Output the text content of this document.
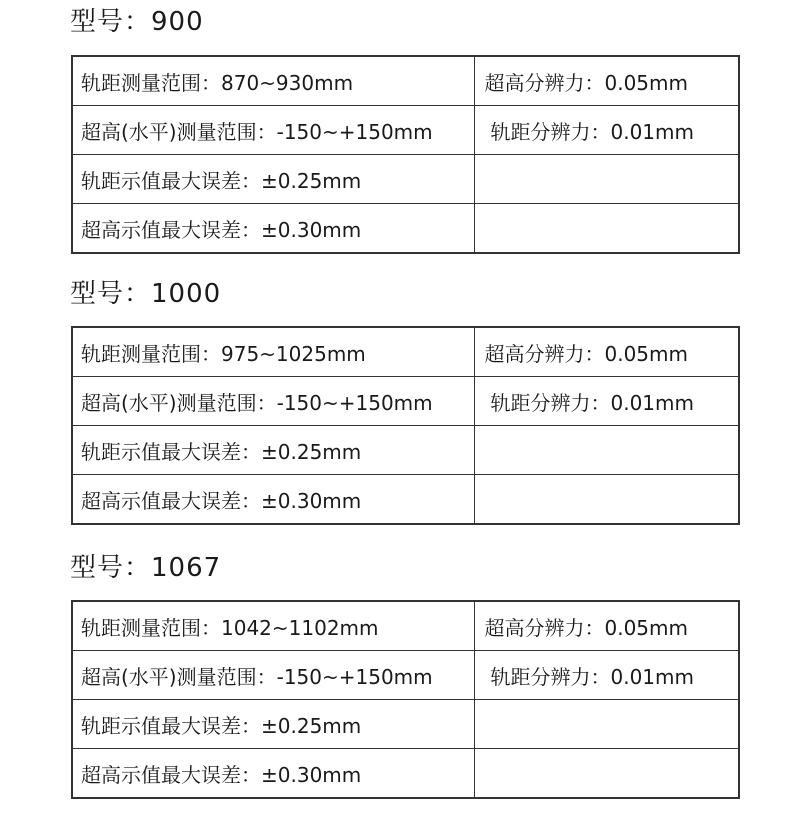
型号：900
轨距测量范围：870~930mm	超高分辨力：0.05mm
超高(水平)测量范围：-150~+150mm	轨距分辨力：0.01mm
轨距示值最大误差：±0.25mm	
超高示值最大误差：±0.30mm	
型号：1000
轨距测量范围：975~1025mm	超高分辨力：0.05mm
超高(水平)测量范围：-150~+150mm	轨距分辨力：0.01mm
轨距示值最大误差：±0.25mm	
超高示值最大误差：±0.30mm	
型号：1067
轨距测量范围：1042~1102mm	超高分辨力：0.05mm
超高(水平)测量范围：-150~+150mm	轨距分辨力：0.01mm
轨距示值最大误差：±0.25mm	
超高示值最大误差：±0.30mm	
